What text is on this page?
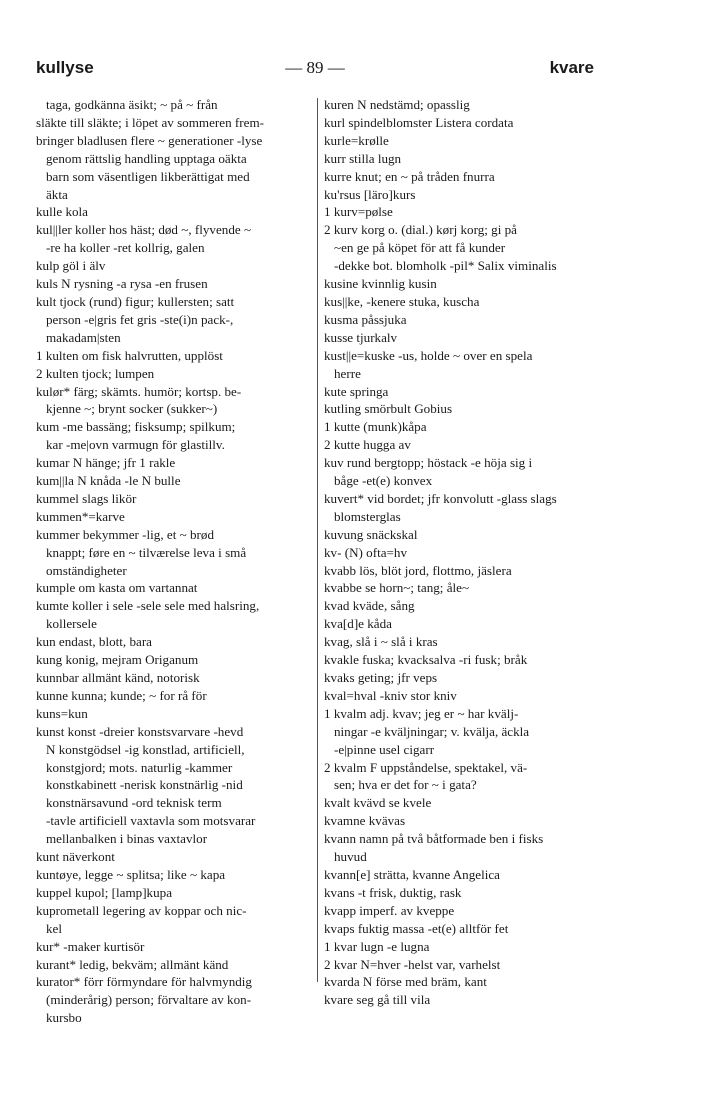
kullyse	— 89 —	kvare
taga, godkänna äsikt; ~ på ~ från
släkte till släkte; i löpet av sommeren frem-
bringer bladlusen flere ~ generationer -lyse
genom rättslig handling upptaga oäkta
barn som väsentligen likberättigat med
äkta
kulle kola
kul||ler koller hos häst; død ~, flyvende ~
-re ha koller -ret kollrig, galen
kulp göl i älv
kuls N rysning -a rysa -en frusen
kult tjock (rund) figur; kullersten; satt
person -e|gris fet gris -ste(i)n pack-,
makadam|sten
1 kulten om fisk halvrutten, upplöst
2 kulten tjock; lumpen
kulør* färg; skämts. humör; kortsp. be-
kjenne ~; brynt socker (sukker~)
kum -me bassäng; fisksump; spilkum;
kar -me|ovn varmugn för glastillv.
kumar N hänge; jfr 1 rakle
kum||la N knåda -le N bulle
kummel slags likör
kummen*=karve
kummer bekymmer -lig, et ~ brød
knappt; føre en ~ tilværelse leva i små
omständigheter
kumple om kasta om vartannat
kumte koller i sele -sele sele med halsring,
kollersele
kun endast, blott, bara
kung konig, mejram Origanum
kunnbar allmänt känd, notorisk
kunne kunna; kunde; ~ for rå för
kuns=kun
kunst konst -dreier konstsvarvare -hevd
N konstgödsel -ig konstlad, artificiell,
konstgjord; mots. naturlig -kammer
konstkabinett -nerisk konstnärlig -nid
konstnärsavund -ord teknisk term
-tavle artificiell vaxtavla som motsvarar
mellanbalken i binas vaxtavlor
kunt näverkont
kuntøye, legge ~ splitsa; like ~ kapa
kuppel kupol; [lamp]kupa
kuprometall legering av koppar och nic-
kel
kur* -maker kurtisör
kurant* ledig, bekväm; allmänt känd
kurator* förr förmyndare för halvmyndig
(minderårig) person; förvaltare av kon-
kursbo
kuren N nedstämd; opasslig
kurl spindelblomster Listera cordata
kurle=krølle
kurr stilla lugn
kurre knut; en ~ på tråden fnurra
ku'rsus [läro]kurs
1 kurv=pølse
2 kurv korg o. (dial.) kørj korg; gi på
~en ge på köpet för att få kunder
-dekke bot. blomholk -pil* Salix viminalis
kusine kvinnlig kusin
kus||ke, -kenere stuka, kuscha
kusma påssjuka
kusse tjurkalv
kust||e=kuske -us, holde ~ over en spela
herre
kute springa
kutling smörbult Gobius
1 kutte (munk)kåpa
2 kutte hugga av
kuv rund bergtopp; höstack -e höja sig i
båge -et(e) konvex
kuvert* vid bordet; jfr konvolutt -glass slags
blomsterglas
kuvung snäckskal
kv- (N) ofta=hv
kvabb lös, blöt jord, flottmo, jäslera
kvabbe se horn~; tang; åle~
kvad kväde, sång
kva[d]e kåda
kvag, slå i ~ slå i kras
kvakle fuska; kvacksalva -ri fusk; bråk
kvaks geting; jfr veps
kval=hval -kniv stor kniv
1 kvalm adj. kvav; jeg er ~ har kvälj-
ningar -e kväljningar; v. kvälja, äckla
-e|pinne usel cigarr
2 kvalm F uppståndelse, spektakel, vä-
sen; hva er det for ~ i gata?
kvalt kvävd se kvele
kvamne kvävas
kvann namn på två båtformade ben i fisks
huvud
kvann[e] strätta, kvanne Angelica
kvans -t frisk, duktig, rask
kvapp imperf. av kveppe
kvaps fuktig massa -et(e) alltför fet
1 kvar lugn -e lugna
2 kvar N=hver -helst var, varhelst
kvarda N förse med bräm, kant
kvare seg gå till vila
